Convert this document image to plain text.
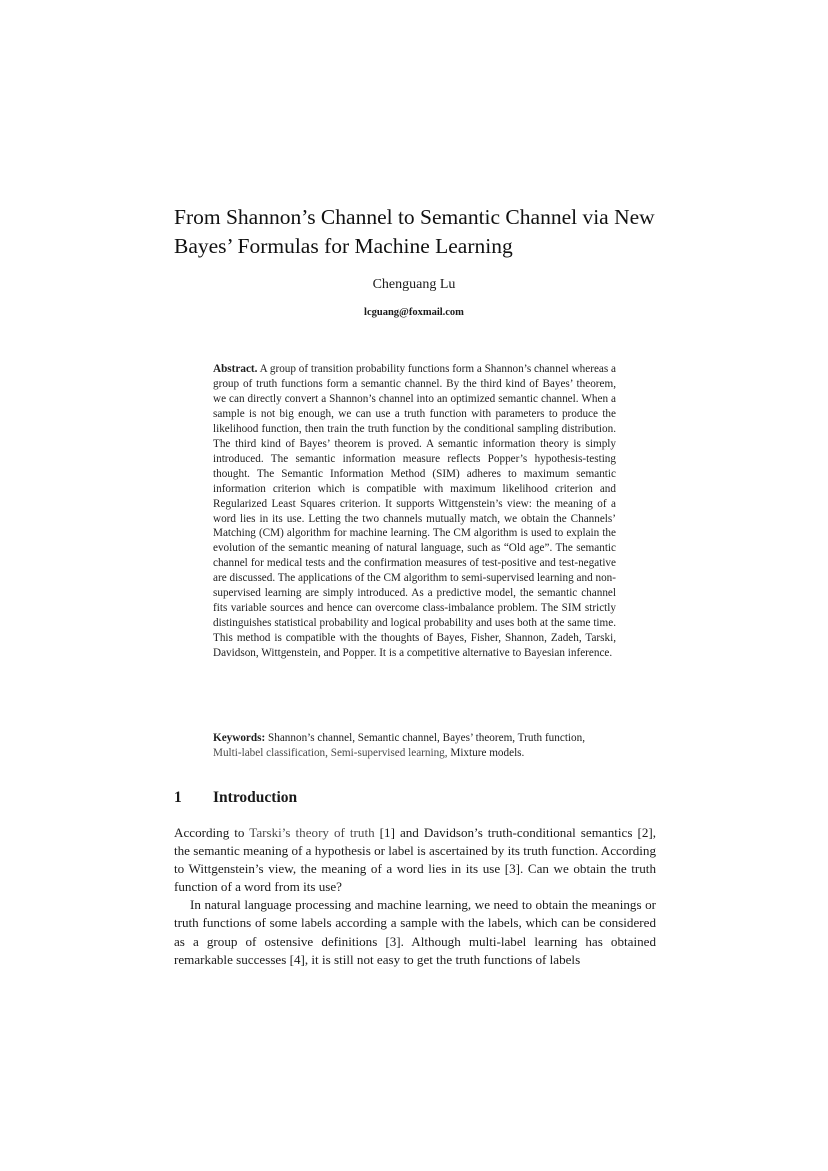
From Shannon’s Channel to Semantic Channel via New
Bayes’ Formulas for Machine Learning
Chenguang Lu
lcguang@foxmail.com

Abstract. A group of transition probability functions form a Shannon’s channel whereas a group of truth functions form a semantic channel. By the third kind of Bayes’ theorem, we can directly convert a Shannon’s channel into an optimized semantic channel. When a sample is not big enough, we can use a truth function with parameters to produce the likelihood function, then train the truth function by the conditional sampling distribution. The third kind of Bayes’ theorem is proved. A semantic information theory is simply introduced. The semantic information measure reflects Popper’s hypothesis-testing thought. The Semantic Information Method (SIM) adheres to maximum semantic information criterion which is compatible with maximum likelihood criterion and Regularized Least Squares criterion. It supports Wittgenstein’s view: the meaning of a word lies in its use. Letting the two channels mutually match, we obtain the Channels’ Matching (CM) algorithm for machine learning. The CM algorithm is used to explain the evolution of the semantic meaning of natural language, such as “Old age”. The semantic channel for medical tests and the confirmation measures of test-positive and test-negative are discussed. The applications of the CM algorithm to semi-supervised learning and non-supervised learning are simply introduced. As a predictive model, the semantic channel fits variable sources and hence can overcome class-imbalance problem. The SIM strictly distinguishes statistical probability and logical probability and uses both at the same time. This method is compatible with the thoughts of Bayes, Fisher, Shannon, Zadeh, Tarski, Davidson, Wittgenstein, and Popper. It is a competitive alternative to Bayesian inference.

Keywords: Shannon’s channel, Semantic channel, Bayes’ theorem, Truth function, Multi-label classification, Semi-supervised learning, Mixture models.

1 Introduction

According to Tarski’s theory of truth [1] and Davidson’s truth-conditional semantics [2], the semantic meaning of a hypothesis or label is ascertained by its truth function. According to Wittgenstein’s view, the meaning of a word lies in its use [3]. Can we obtain the truth function of a word from its use?

In natural language processing and machine learning, we need to obtain the meanings or truth functions of some labels according a sample with the labels, which can be considered as a group of ostensive definitions [3]. Although multi-label learning has obtained remarkable successes [4], it is still not easy to get the truth functions of labels
